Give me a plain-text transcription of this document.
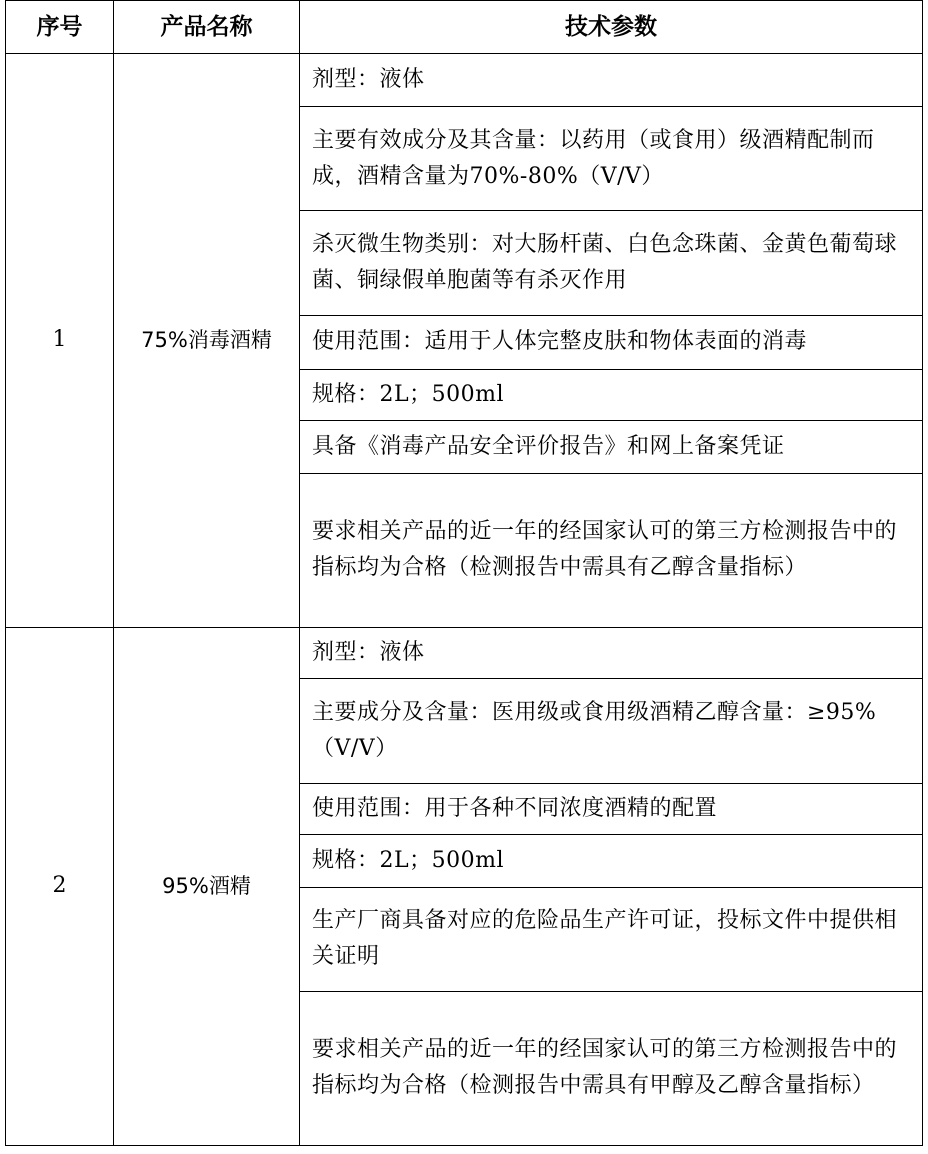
序号	产品名称	技术参数
1	75%消毒酒精	剂型：液体
		主要有效成分及其含量：以药用（或食用）级酒精配制而成，酒精含量为70%-80%（V/V）
		杀灭微生物类别：对大肠杆菌、白色念珠菌、金黄色葡萄球菌、铜绿假单胞菌等有杀灭作用
		使用范围：适用于人体完整皮肤和物体表面的消毒
		规格：2L；500ml
		具备《消毒产品安全评价报告》和网上备案凭证
		要求相关产品的近一年的经国家认可的第三方检测报告中的指标均为合格（检测报告中需具有乙醇含量指标）
2	95%酒精	剂型：液体
		主要成分及含量：医用级或食用级酒精乙醇含量：≥95%（V/V）
		使用范围：用于各种不同浓度酒精的配置
		规格：2L；500ml
		生产厂商具备对应的危险品生产许可证，投标文件中提供相关证明
		要求相关产品的近一年的经国家认可的第三方检测报告中的指标均为合格（检测报告中需具有甲醇及乙醇含量指标）
